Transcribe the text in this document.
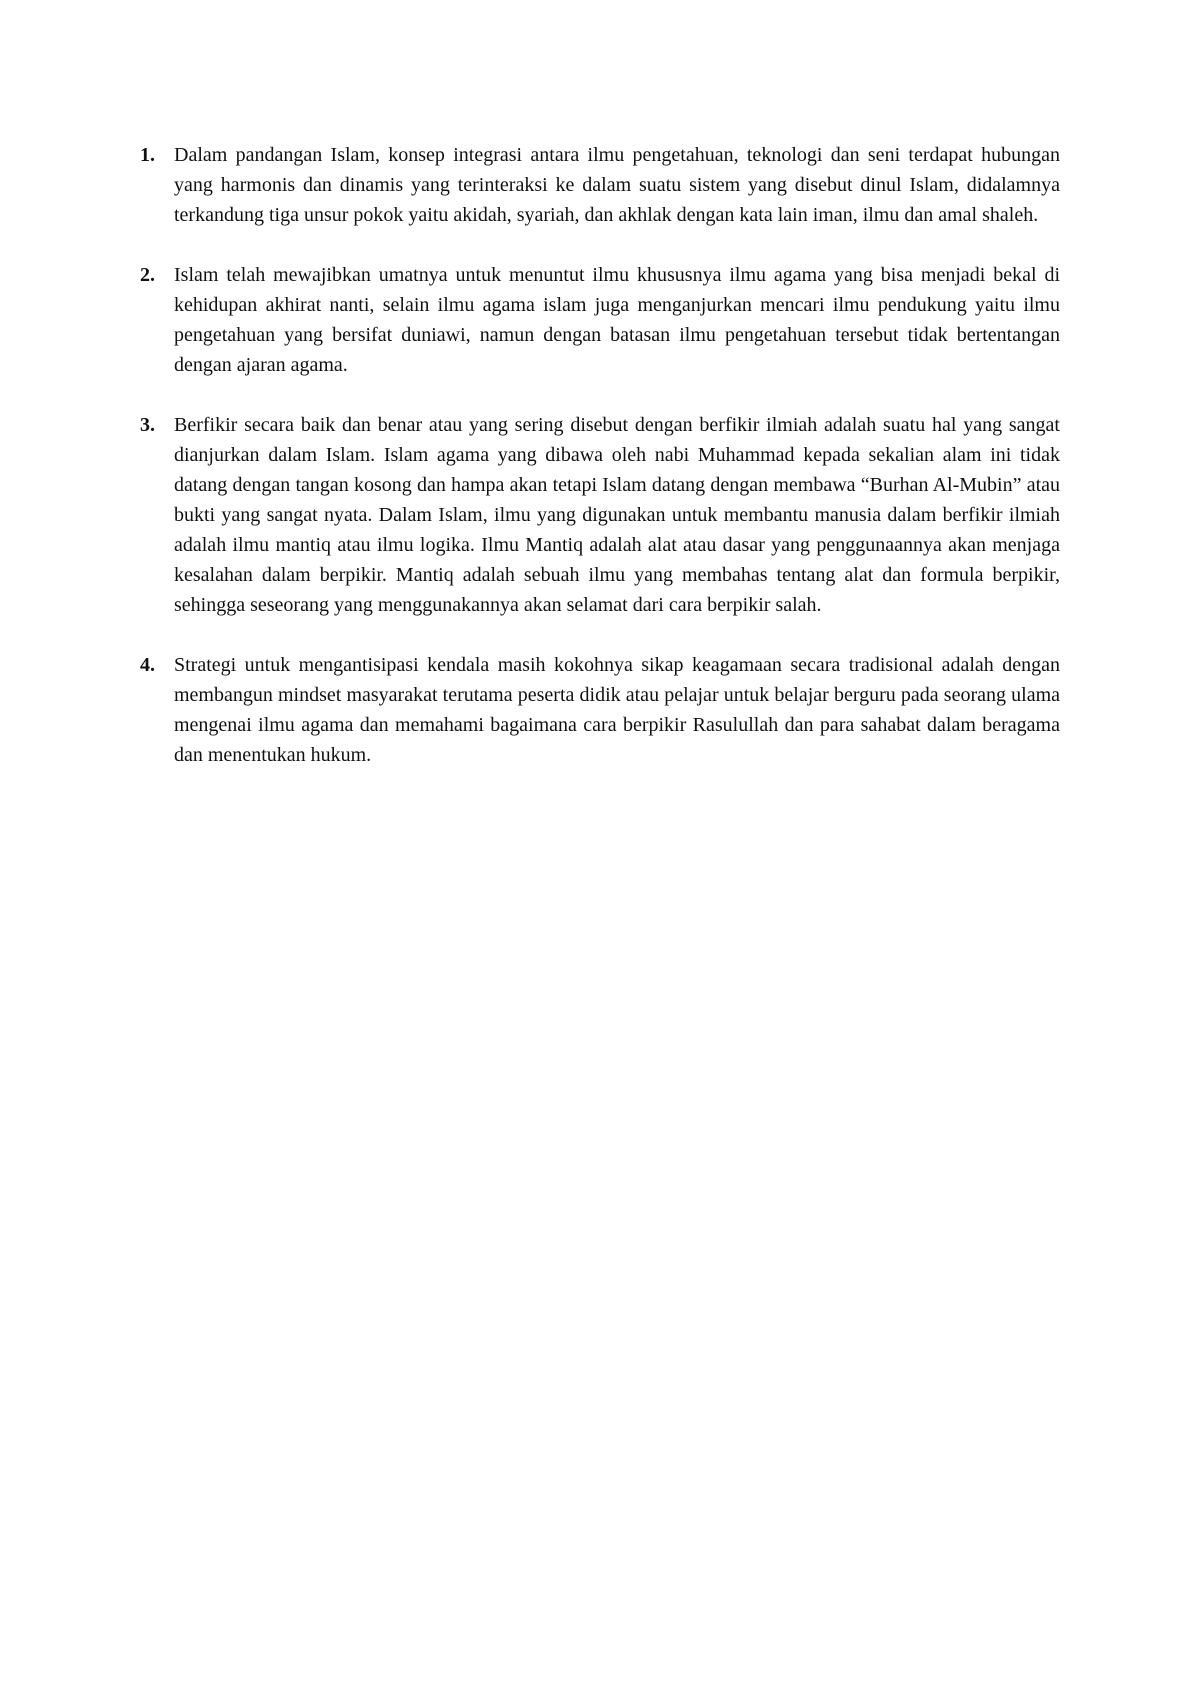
1. Dalam pandangan Islam, konsep integrasi antara ilmu pengetahuan, teknologi dan seni terdapat hubungan yang harmonis dan dinamis yang terinteraksi ke dalam suatu sistem yang disebut dinul Islam, didalamnya terkandung tiga unsur pokok yaitu akidah, syariah, dan akhlak dengan kata lain iman, ilmu dan amal shaleh.

2. Islam telah mewajibkan umatnya untuk menuntut ilmu khususnya ilmu agama yang bisa menjadi bekal di kehidupan akhirat nanti, selain ilmu agama islam juga menganjurkan mencari ilmu pendukung yaitu ilmu pengetahuan yang bersifat duniawi, namun dengan batasan ilmu pengetahuan tersebut tidak bertentangan dengan ajaran agama.

3. Berfikir secara baik dan benar atau yang sering disebut dengan berfikir ilmiah adalah suatu hal yang sangat dianjurkan dalam Islam. Islam agama yang dibawa oleh nabi Muhammad kepada sekalian alam ini tidak datang dengan tangan kosong dan hampa akan tetapi Islam datang dengan membawa “Burhan Al-Mubin” atau bukti yang sangat nyata. Dalam Islam, ilmu yang digunakan untuk membantu manusia dalam berfikir ilmiah adalah ilmu mantiq atau ilmu logika. Ilmu Mantiq adalah alat atau dasar yang penggunaannya akan menjaga kesalahan dalam berpikir. Mantiq adalah sebuah ilmu yang membahas tentang alat dan formula berpikir, sehingga seseorang yang menggunakannya akan selamat dari cara berpikir salah.

4. Strategi untuk mengantisipasi kendala masih kokohnya sikap keagamaan secara tradisional adalah dengan membangun mindset masyarakat terutama peserta didik atau pelajar untuk belajar berguru pada seorang ulama mengenai ilmu agama dan memahami bagaimana cara berpikir Rasulullah dan para sahabat dalam beragama dan menentukan hukum.
